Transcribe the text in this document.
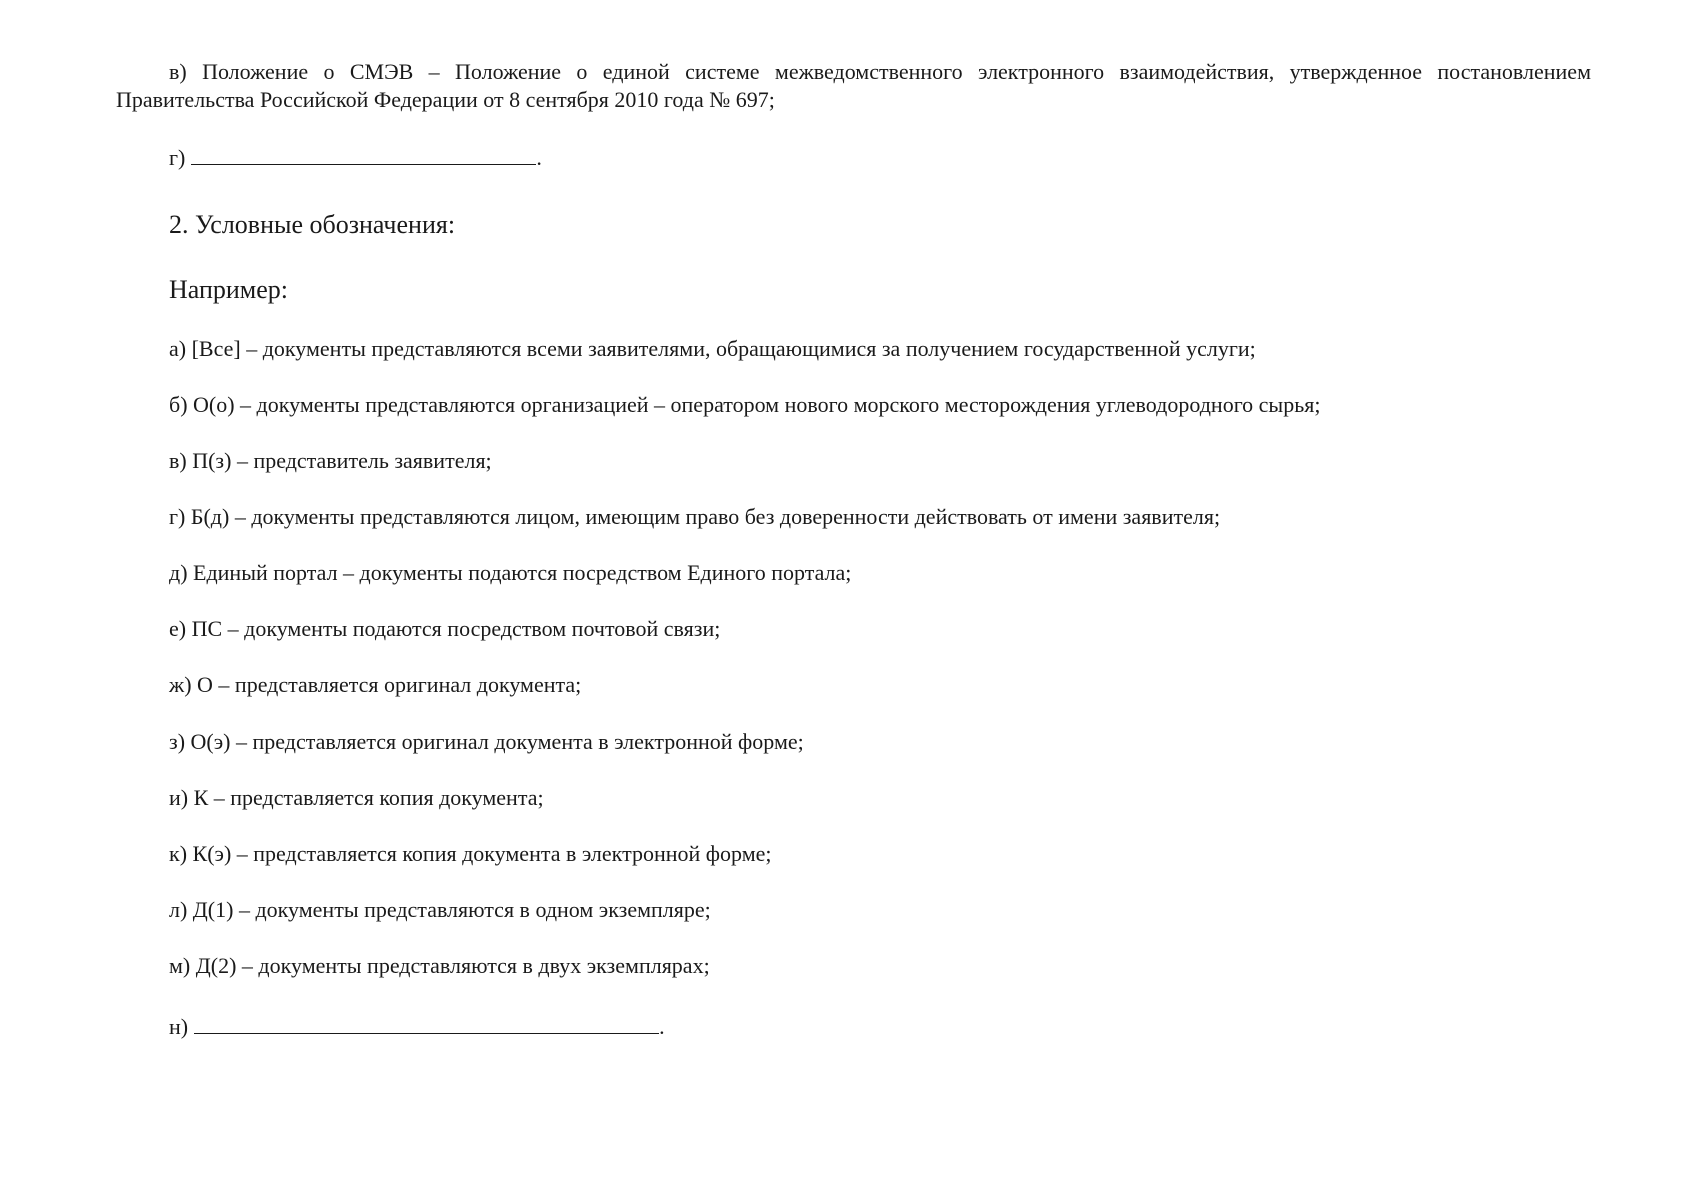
в) Положение о СМЭВ – Положение о единой системе межведомственного электронного взаимодействия, утвержденное постановлением Правительства Российской Федерации от 8 сентября 2010 года № 697;
г)	.
2. Условные обозначения:
Например:
а) [Все] – документы представляются всеми заявителями, обращающимися за получением государственной услуги;
б) О(о) – документы представляются организацией – оператором нового морского месторождения углеводородного сырья;
в) П(з) – представитель заявителя;
г) Б(д) – документы представляются лицом, имеющим право без доверенности действовать от имени заявителя;
д) Единый портал – документы подаются посредством Единого портала;
е) ПС – документы подаются посредством почтовой связи;
ж) О – представляется оригинал документа;
з) О(э) – представляется оригинал документа в электронной форме;
и) К – представляется копия документа;
к) К(э) – представляется копия документа в электронной форме;
л) Д(1) – документы представляются в одном экземпляре;
м) Д(2) – документы представляются в двух экземплярах;
н)	.
